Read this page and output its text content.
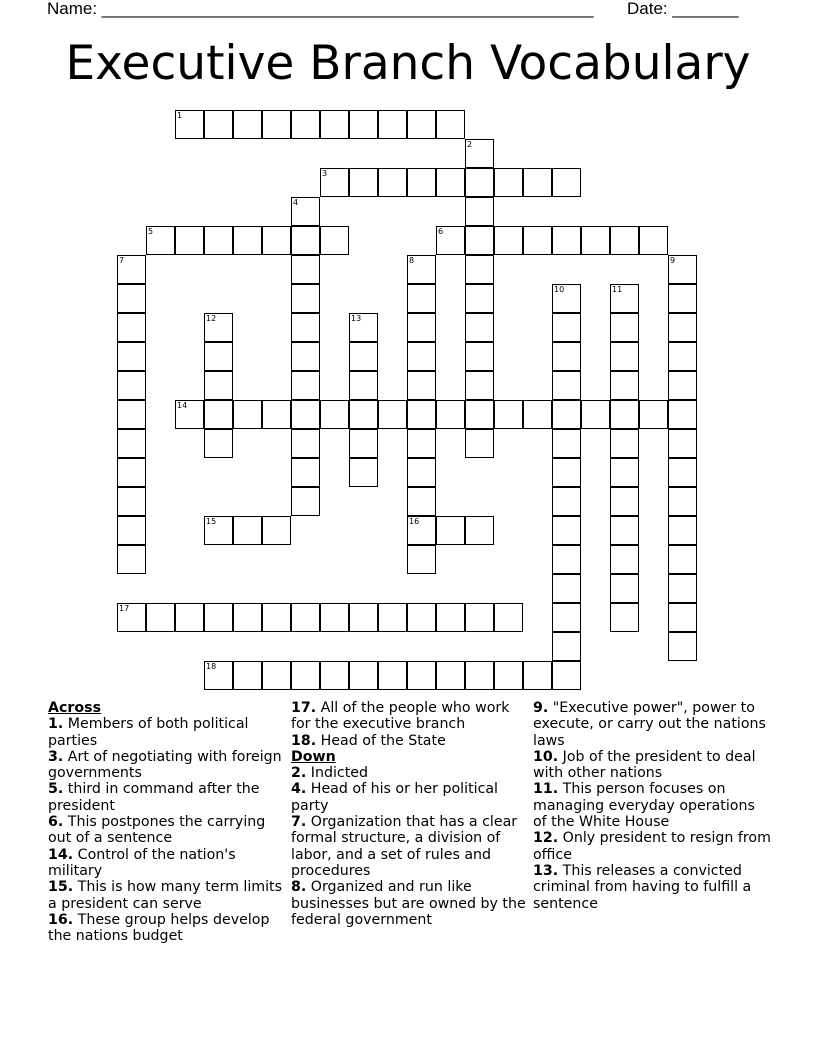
Name: ____________________________________________________ Date: _______
Executive Branch Vocabulary
1
2
3
4
5	6
7	8
16
9
10	11
12	13
14
15
17
18
Across
1. Members of both political parties
3. Art of negotiating with foreign governments
5. third in command after the president
6. This postpones the carrying out of a sentence
14. Control of the nation's military
15. This is how many term limits a president can serve
16. These group helps develop the nations budget
17. All of the people who work for the executive branch
18. Head of the State
Down
2. Indicted
4. Head of his or her political party
7. Organization that has a clear formal structure, a division of labor, and a set of rules and procedures
8. Organized and run like businesses but are owned by the federal government
9. "Executive power", power to execute, or carry out the nations laws
10. Job of the president to deal with other nations
11. This person focuses on managing everyday operations of the White House
12. Only president to resign from office
13. This releases a convicted criminal from having to fulfill a sentence
